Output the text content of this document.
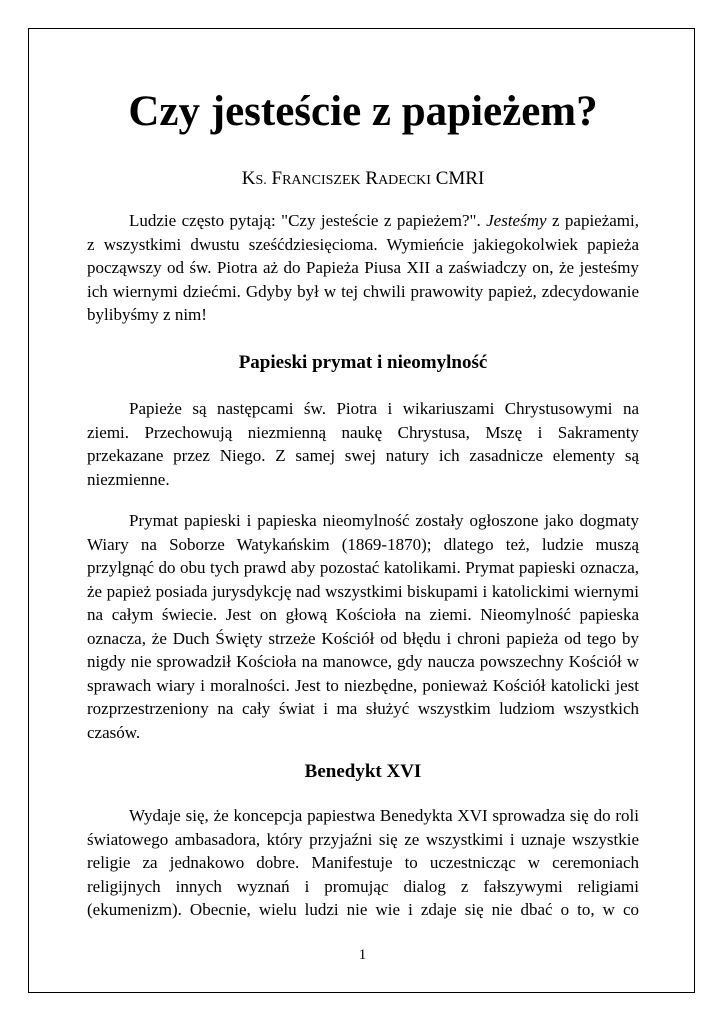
Czy jesteście z papieżem?
KS. FRANCISZEK RADECKI CMRI
Ludzie często pytają: "Czy jesteście z papieżem?". Jesteśmy z papieżami,
z wszystkimi dwustu sześćdziesięcioma. Wymieńcie jakiegokolwiek papieża
począwszy od św. Piotra aż do Papieża Piusa XII a zaświadczy on, że jesteśmy
ich wiernymi dziećmi. Gdyby był w tej chwili prawowity papież, zdecydowanie
bylibyśmy z nim!
Papieski prymat i nieomylność
Papieże są następcami św. Piotra i wikariuszami Chrystusowymi na
ziemi. Przechowują niezmienną naukę Chrystusa, Mszę i Sakramenty
przekazane przez Niego. Z samej swej natury ich zasadnicze elementy są
niezmienne.
Prymat papieski i papieska nieomylność zostały ogłoszone jako dogmaty
Wiary na Soborze Watykańskim (1869-1870); dlatego też, ludzie muszą
przylgnąć do obu tych prawd aby pozostać katolikami. Prymat papieski oznacza,
że papież posiada jurysdykcję nad wszystkimi biskupami i katolickimi wiernymi
na całym świecie. Jest on głową Kościoła na ziemi. Nieomylność papieska
oznacza, że Duch Święty strzeże Kościół od błędu i chroni papieża od tego by
nigdy nie sprowadził Kościoła na manowce, gdy naucza powszechny Kościół w
sprawach wiary i moralności. Jest to niezbędne, ponieważ Kościół katolicki jest
rozprzestrzeniony na cały świat i ma służyć wszystkim ludziom wszystkich
czasów.
Benedykt XVI
Wydaje się, że koncepcja papiestwa Benedykta XVI sprowadza się do roli
światowego ambasadora, który przyjaźni się ze wszystkimi i uznaje wszystkie
religie za jednakowo dobre. Manifestuje to uczestnicząc w ceremoniach
religijnych innych wyznań i promując dialog z fałszywymi religiami
(ekumenizm). Obecnie, wielu ludzi nie wie i zdaje się nie dbać o to, w co
1
